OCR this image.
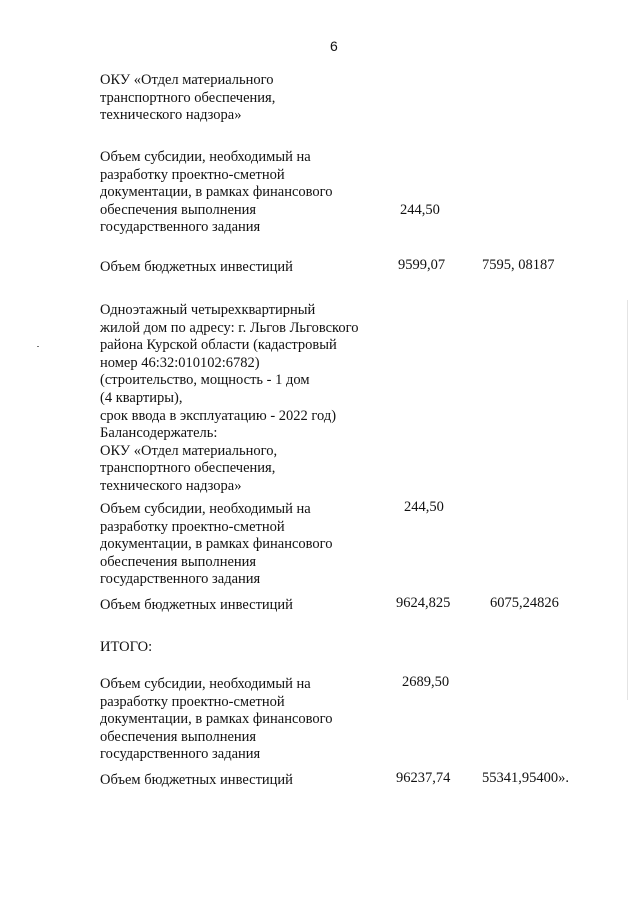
6
ОКУ «Отдел материального
транспортного обеспечения,
технического надзора»
Объем субсидии, необходимый на
разработку проектно-сметной
документации, в рамках финансового
обеспечения выполнения
государственного задания
244,50
Объем бюджетных инвестиций	9599,07	7595, 08187
Одноэтажный четырехквартирный
жилой дом по адресу: г. Льгов Льговского
района Курской области (кадастровый
номер 46:32:010102:6782)
(строительство, мощность - 1 дом
(4 квартиры),
срок ввода в эксплуатацию - 2022 год)
Балансодержатель:
ОКУ «Отдел материального,
транспортного обеспечения,
технического надзора»
Объем субсидии, необходимый на
разработку проектно-сметной
документации, в рамках финансового
обеспечения выполнения
государственного задания
244,50
Объем бюджетных инвестиций	9624,825	6075,24826
ИТОГО:
Объем субсидии, необходимый на
разработку проектно-сметной
документации, в рамках финансового
обеспечения выполнения
государственного задания
2689,50
Объем бюджетных инвестиций	96237,74 55341,95400».
